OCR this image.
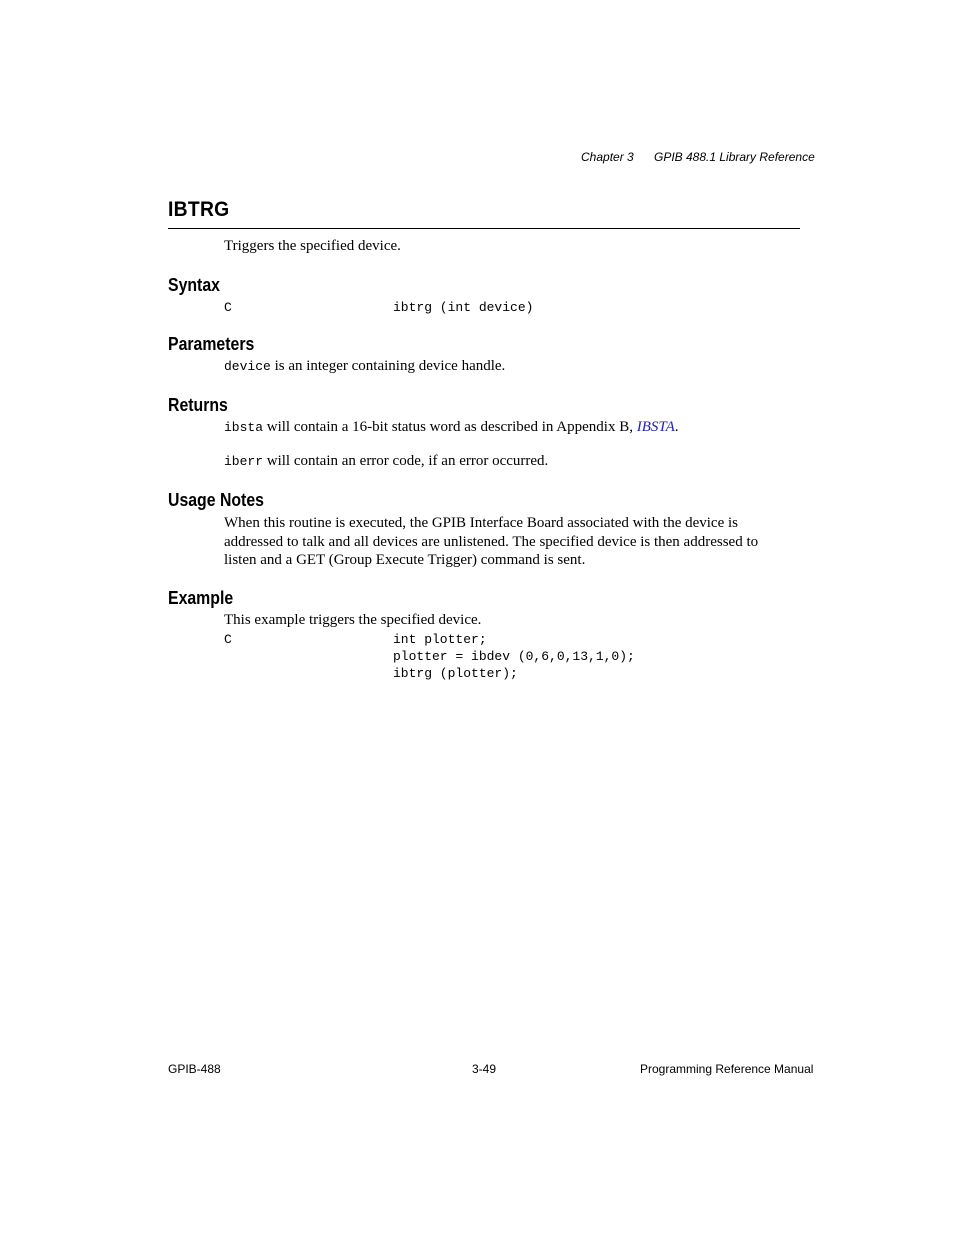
Chapter 3 GPIB 488.1 Library Reference
IBTRG
Triggers the specified device.
Syntax
C	ibtrg (int device)
Parameters
device is an integer containing device handle.
Returns
ibsta will contain a 16-bit status word as described in Appendix B, IBSTA.
iberr will contain an error code, if an error occurred.
Usage Notes
When this routine is executed, the GPIB Interface Board associated with the device is
addressed to talk and all devices are unlistened. The specified device is then addressed to
listen and a GET (Group Execute Trigger) command is sent.
Example
This example triggers the specified device.
C	int plotter;
plotter = ibdev (0,6,0,13,1,0);
ibtrg (plotter);
GPIB-488	3-49	Programming Reference Manual
